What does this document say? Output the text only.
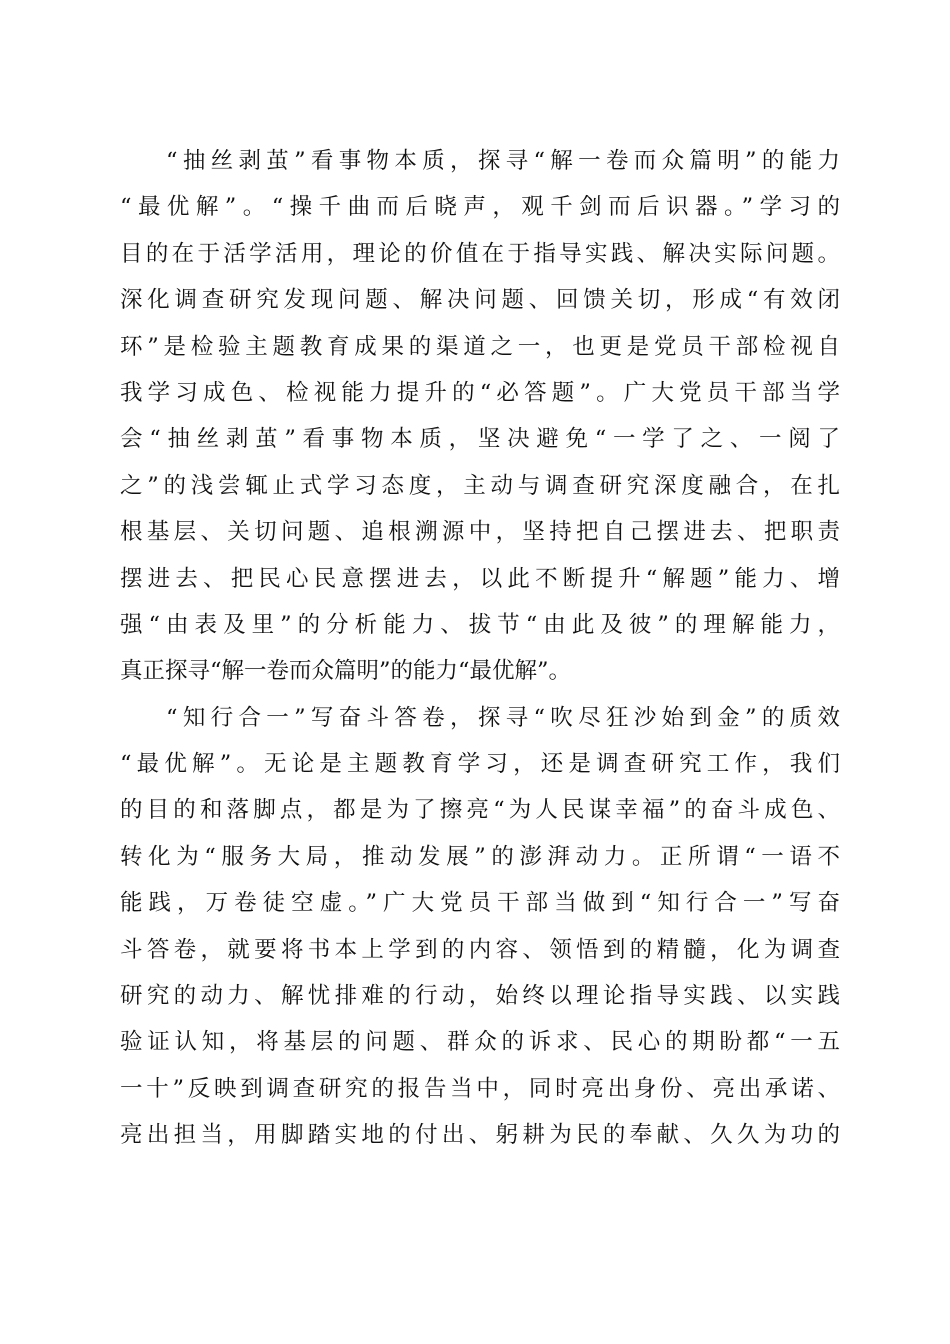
“抽丝剥茧”看事物本质，探寻“解一卷而众篇明”的能力
“最优解”。“操千曲而后晓声，观千剑而后识器。”学习的
目的在于活学活用，理论的价值在于指导实践、解决实际问题。
深化调查研究发现问题、解决问题、回馈关切，形成“有效闭
环”是检验主题教育成果的渠道之一，也更是党员干部检视自
我学习成色、检视能力提升的“必答题”。广大党员干部当学
会“抽丝剥茧”看事物本质，坚决避免“一学了之、一阅了
之”的浅尝辄止式学习态度，主动与调查研究深度融合，在扎
根基层、关切问题、追根溯源中，坚持把自己摆进去、把职责
摆进去、把民心民意摆进去，以此不断提升“解题”能力、增
强“由表及里”的分析能力、拔节“由此及彼”的理解能力，
真正探寻“解一卷而众篇明”的能力“最优解”。
“知行合一”写奋斗答卷，探寻“吹尽狂沙始到金”的质效
“最优解”。无论是主题教育学习，还是调查研究工作，我们
的目的和落脚点，都是为了擦亮“为人民谋幸福”的奋斗成色、
转化为“服务大局，推动发展”的澎湃动力。正所谓“一语不
能践，万卷徒空虚。”广大党员干部当做到“知行合一”写奋
斗答卷，就要将书本上学到的内容、领悟到的精髓，化为调查
研究的动力、解忧排难的行动，始终以理论指导实践、以实践
验证认知，将基层的问题、群众的诉求、民心的期盼都“一五
一十”反映到调查研究的报告当中，同时亮出身份、亮出承诺、
亮出担当，用脚踏实地的付出、躬耕为民的奉献、久久为功的
